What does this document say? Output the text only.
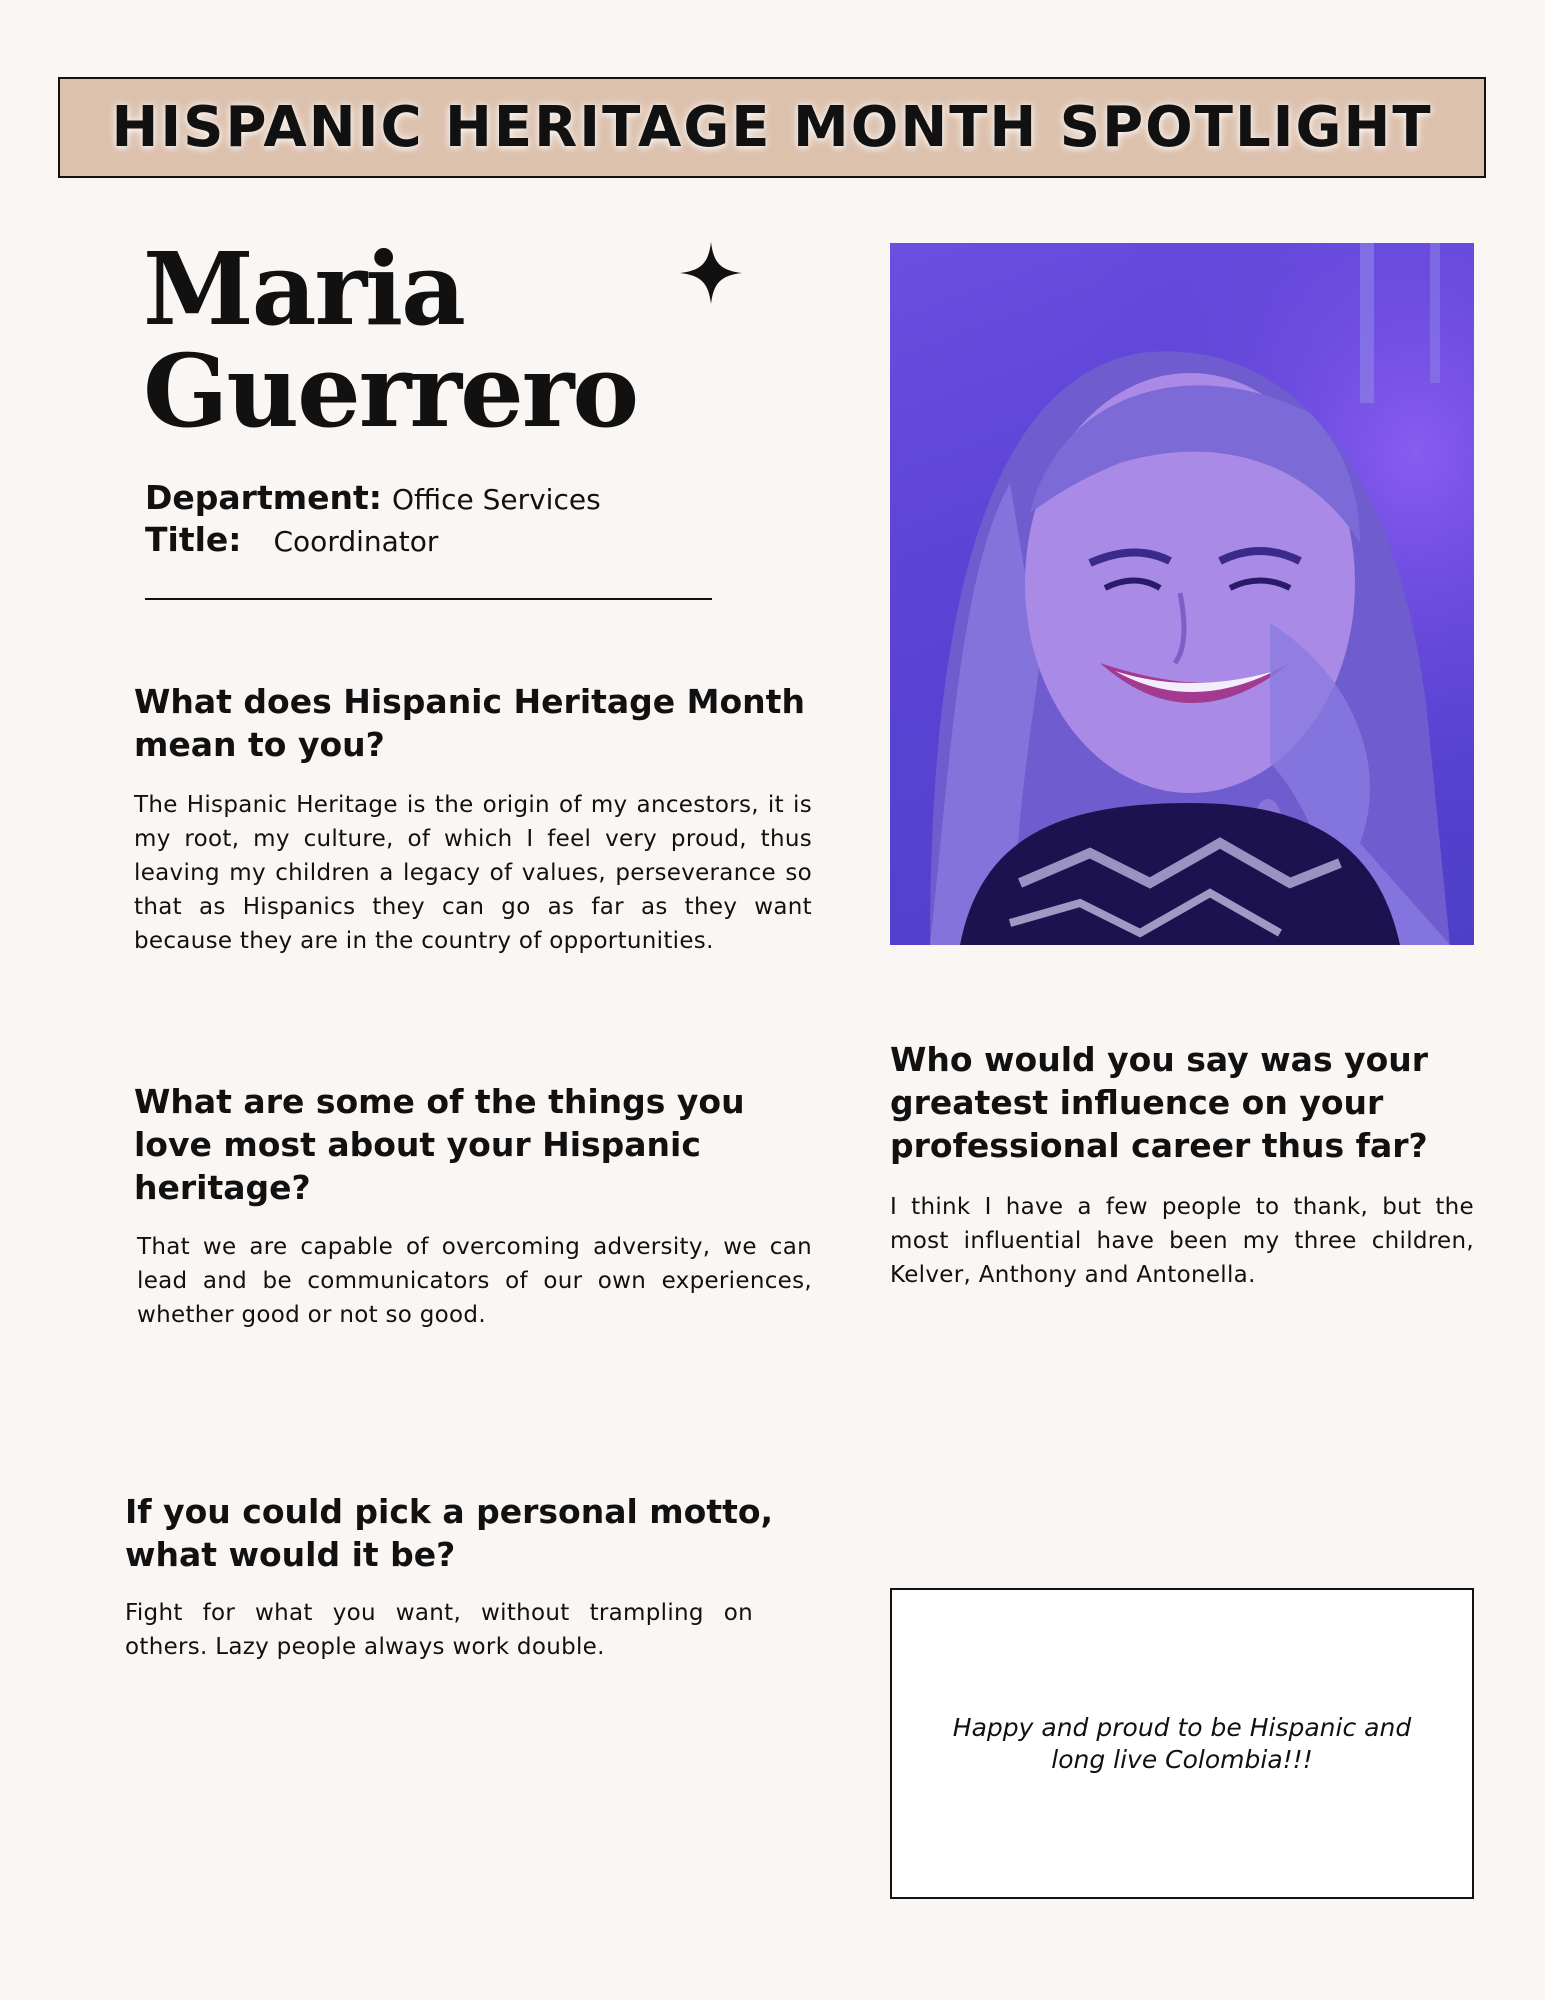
HISPANIC HERITAGE MONTH SPOTLIGHT
Maria
Guerrero
Department: Office Services
Title: Coordinator
What does Hispanic Heritage Month mean to you?
The Hispanic Heritage is the origin of my ancestors, it is my root, my culture, of which I feel very proud, thus leaving my children a legacy of values, perseverance so that as Hispanics they can go as far as they want because they are in the country of opportunities.
What are some of the things you love most about your Hispanic heritage?
That we are capable of overcoming adversity, we can lead and be communicators of our own experiences, whether good or not so good.
Who would you say was your greatest influence on your professional career thus far?
I think I have a few people to thank, but the most influential have been my three children, Kelver, Anthony and Antonella.
If you could pick a personal motto, what would it be?
Fight for what you want, without trampling on others. Lazy people always work double.
Happy and proud to be Hispanic and long live Colombia!!!
